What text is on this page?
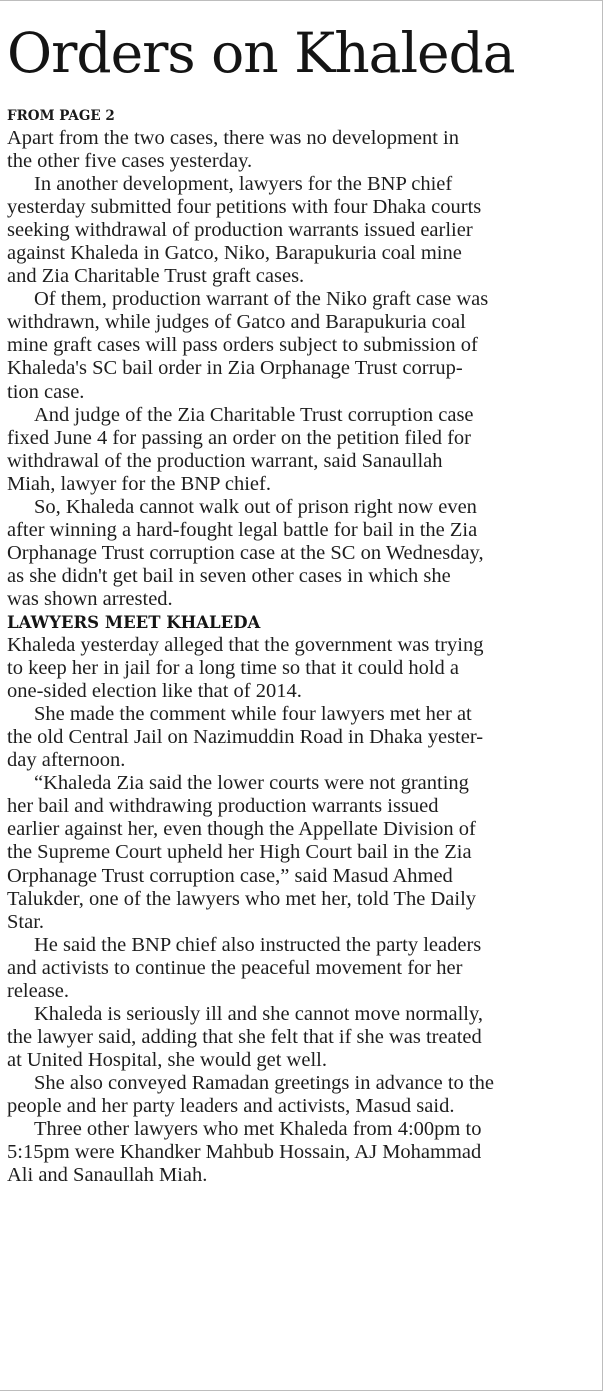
Orders on Khaleda
FROM PAGE 2
Apart from the two cases, there was no development in
the other five cases yesterday.
In another development, lawyers for the BNP chief
yesterday submitted four petitions with four Dhaka courts
seeking withdrawal of production warrants issued earlier
against Khaleda in Gatco, Niko, Barapukuria coal mine
and Zia Charitable Trust graft cases.
Of them, production warrant of the Niko graft case was
withdrawn, while judges of Gatco and Barapukuria coal
mine graft cases will pass orders subject to submission of
Khaleda's SC bail order in Zia Orphanage Trust corrup-
tion case.
And judge of the Zia Charitable Trust corruption case
fixed June 4 for passing an order on the petition filed for
withdrawal of the production warrant, said Sanaullah
Miah, lawyer for the BNP chief.
So, Khaleda cannot walk out of prison right now even
after winning a hard-fought legal battle for bail in the Zia
Orphanage Trust corruption case at the SC on Wednesday,
as she didn't get bail in seven other cases in which she
was shown arrested.
LAWYERS MEET KHALEDA
Khaleda yesterday alleged that the government was trying
to keep her in jail for a long time so that it could hold a
one-sided election like that of 2014.
She made the comment while four lawyers met her at
the old Central Jail on Nazimuddin Road in Dhaka yester-
day afternoon.
“Khaleda Zia said the lower courts were not granting
her bail and withdrawing production warrants issued
earlier against her, even though the Appellate Division of
the Supreme Court upheld her High Court bail in the Zia
Orphanage Trust corruption case,” said Masud Ahmed
Talukder, one of the lawyers who met her, told The Daily
Star.
He said the BNP chief also instructed the party leaders
and activists to continue the peaceful movement for her
release.
Khaleda is seriously ill and she cannot move normally,
the lawyer said, adding that she felt that if she was treated
at United Hospital, she would get well.
She also conveyed Ramadan greetings in advance to the
people and her party leaders and activists, Masud said.
Three other lawyers who met Khaleda from 4:00pm to
5:15pm were Khandker Mahbub Hossain, AJ Mohammad
Ali and Sanaullah Miah.
